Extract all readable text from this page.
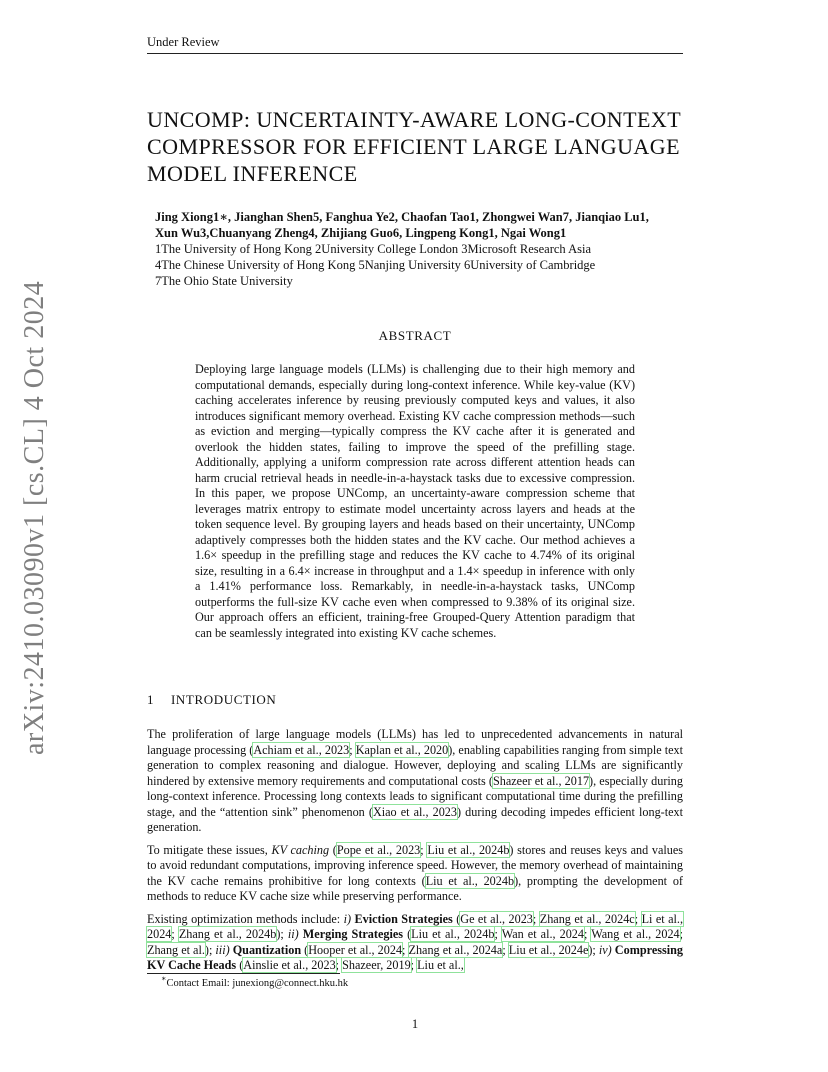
Under Review
arXiv:2410.03090v1 [cs.CL] 4 Oct 2024
UNCOMP: UNCERTAINTY-AWARE LONG-CONTEXT
COMPRESSOR FOR EFFICIENT LARGE LANGUAGE
MODEL INFERENCE
Jing Xiong1∗, Jianghan Shen5, Fanghua Ye2, Chaofan Tao1, Zhongwei Wan7, Jianqiao Lu1,
Xun Wu3,Chuanyang Zheng4, Zhijiang Guo6, Lingpeng Kong1, Ngai Wong1
1The University of Hong Kong 2University College London 3Microsoft Research Asia
4The Chinese University of Hong Kong 5Nanjing University 6University of Cambridge
7The Ohio State University
ABSTRACT
Deploying large language models (LLMs) is challenging due to their high memory and computational demands, especially during long-context inference. While key-value (KV) caching accelerates inference by reusing previously computed keys and values, it also introduces significant memory overhead. Existing KV cache compression methods—such as eviction and merging—typically compress the KV cache after it is generated and overlook the hidden states, failing to improve the speed of the prefilling stage. Additionally, applying a uniform compression rate across different attention heads can harm crucial retrieval heads in needle-in-a-haystack tasks due to excessive compression. In this paper, we propose UNComp, an uncertainty-aware compression scheme that leverages matrix entropy to estimate model uncertainty across layers and heads at the token sequence level. By grouping layers and heads based on their uncertainty, UNComp adaptively compresses both the hidden states and the KV cache. Our method achieves a 1.6× speedup in the prefilling stage and reduces the KV cache to 4.74% of its original size, resulting in a 6.4× increase in throughput and a 1.4× speedup in inference with only a 1.41% performance loss. Remarkably, in needle-in-a-haystack tasks, UNComp outperforms the full-size KV cache even when compressed to 9.38% of its original size. Our approach offers an efficient, training-free Grouped-Query Attention paradigm that can be seamlessly integrated into existing KV cache schemes.
1 INTRODUCTION

The proliferation of large language models (LLMs) has led to unprecedented advancements in natural language processing (Achiam et al., 2023; Kaplan et al., 2020), enabling capabilities ranging from simple text generation to complex reasoning and dialogue. However, deploying and scaling LLMs are significantly hindered by extensive memory requirements and computational costs (Shazeer et al., 2017), especially during long-context inference. Processing long contexts leads to significant computational time during the prefilling stage, and the “attention sink” phenomenon (Xiao et al., 2023) during decoding impedes efficient long-text generation.

To mitigate these issues, KV caching (Pope et al., 2023; Liu et al., 2024b) stores and reuses keys and values to avoid redundant computations, improving inference speed. However, the memory overhead of maintaining the KV cache remains prohibitive for long contexts (Liu et al., 2024b), prompting the development of methods to reduce KV cache size while preserving performance.

Existing optimization methods include: i) Eviction Strategies (Ge et al., 2023; Zhang et al., 2024c; Li et al., 2024; Zhang et al., 2024b); ii) Merging Strategies (Liu et al., 2024b; Wan et al., 2024; Wang et al., 2024; Zhang et al.); iii) Quantization (Hooper et al., 2024; Zhang et al., 2024a; Liu et al., 2024e); iv) Compressing KV Cache Heads (Ainslie et al., 2023; Shazeer, 2019; Liu et al.,

∗Contact Email: junexiong@connect.hku.hk
1
